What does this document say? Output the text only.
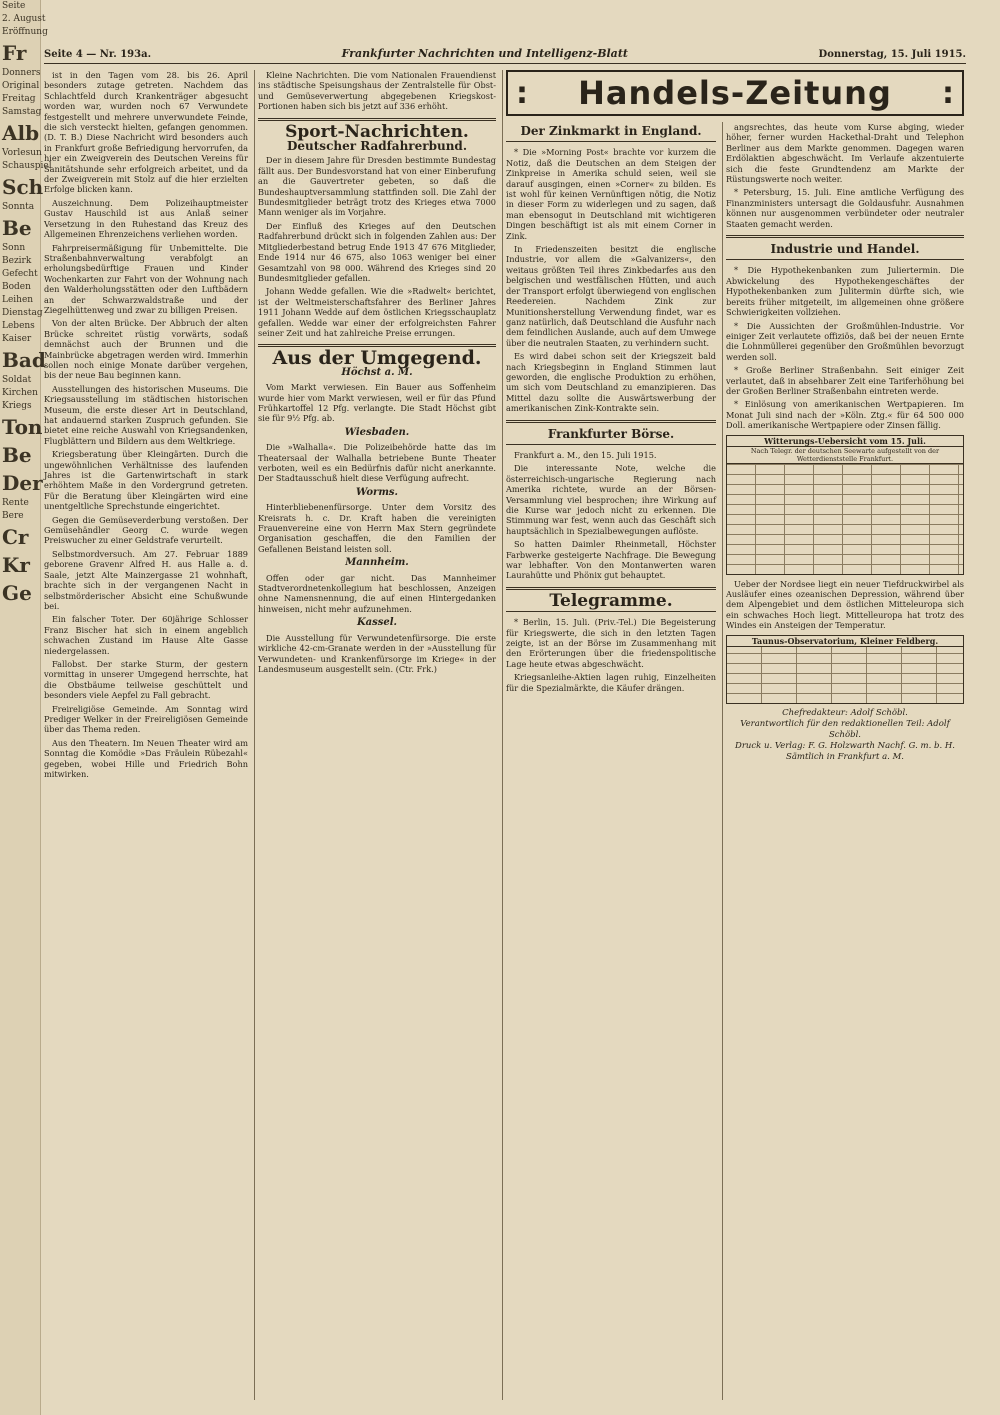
Seite
2. August
Eröffnung
Fr
Donners
Original
Freitag
Samstag
Alb
Vorlesun
Schauspiel
Sch
Sonnta
Be
Sonn
Bezirk
Gefecht
Boden
Leihen
Dienstag
Lebens
Kaiser
Bad
Soldat
Kirchen
Kriegs
Ton
Be
Der
Rente
Bere
Cr
Kr
Ge
Seite 4 — Nr. 193a.	Frankfurter Nachrichten und Intelligenz-Blatt	Donnerstag, 15. Juli 1915.

ist in den Tagen vom 28. bis 26. April besonders zutage getreten. Nachdem das Schlachtfeld durch Krankenträger abgesucht worden war, wurden noch 67 Verwundete festgestellt und mehrere unverwundete Feinde, die sich versteckt hielten, gefangen genommen. (D. T. B.) Diese Nachricht wird besonders auch in Frankfurt große Befriedigung hervorrufen, da hier ein Zweigverein des Deutschen Vereins für Sanitätshunde sehr erfolgreich arbeitet, und da der Zweigverein mit Stolz auf die hier erzielten Erfolge blicken kann.

Auszeichnung. Dem Polizeihauptmeister Gustav Hauschild ist aus Anlaß seiner Versetzung in den Ruhestand das Kreuz des Allgemeinen Ehrenzeichens verliehen worden.

Fahrpreisermäßigung für Unbemittelte. Die Straßenbahnverwaltung verabfolgt an erholungsbedürftige Frauen und Kinder Wochenkarten zur Fahrt von der Wohnung nach den Walderholungsstätten oder den Luftbädern an der Schwarzwaldstraße und der Ziegelhüttenweg und zwar zu billigen Preisen.

Von der alten Brücke. Der Abbruch der alten Brücke schreitet rüstig vorwärts, sodaß demnächst auch der Brunnen und die Mainbrücke abgetragen werden wird. Immerhin sollen noch einige Monate darüber vergehen, bis der neue Bau beginnen kann.

Ausstellungen des historischen Museums. Die Kriegsausstellung im städtischen historischen Museum, die erste dieser Art in Deutschland, hat andauernd starken Zuspruch gefunden. Sie bietet eine reiche Auswahl von Kriegsandenken, Flugblättern und Bildern aus dem Weltkriege.

Kriegsberatung über Kleingärten. Durch die ungewöhnlichen Verhältnisse des laufenden Jahres ist die Gartenwirtschaft in stark erhöhtem Maße in den Vordergrund getreten. Für die Beratung über Kleingärten wird eine unentgeltliche Sprechstunde eingerichtet.

Gegen die Gemüseverderbung verstoßen. Der Gemüsehändler Georg C. wurde wegen Preiswucher zu einer Geldstrafe verurteilt.

Selbstmordversuch. Am 27. Februar 1889 geborene Gravenr Alfred H. aus Halle a. d. Saale, jetzt Alte Mainzergasse 21 wohnhaft, brachte sich in der vergangenen Nacht in selbstmörderischer Absicht eine Schußwunde bei.

Ein falscher Toter. Der 60jährige Schlosser Franz Bischer hat sich in einem angeblich schwachen Zustand im Hause Alte Gasse niedergelassen.

Fallobst. Der starke Sturm, der gestern vormittag in unserer Umgegend herrschte, hat die Obstbäume teilweise geschüttelt und besonders viele Aepfel zu Fall gebracht.

Freireligiöse Gemeinde. Am Sonntag wird Prediger Welker in der Freireligiösen Gemeinde über das Thema reden.

Aus den Theatern. Im Neuen Theater wird am Sonntag die Komödie »Das Fräulein Rübezahl« gegeben, wobei Hille und Friedrich Bohn mitwirken.

Kleine Nachrichten. Die vom Nationalen Frauendienst ins städtische Speisungshaus der Zentralstelle für Obst- und Gemüseverwertung abgegebenen Kriegskost-Portionen haben sich bis jetzt auf 336 erhöht.

Sport-Nachrichten.
Deutscher Radfahrerbund.

Der in diesem Jahre für Dresden bestimmte Bundestag fällt aus. Der Bundesvorstand hat von einer Einberufung an die Gauvertreter gebeten, so daß die Bundeshauptversammlung stattfinden soll. Die Zahl der Bundesmitglieder beträgt trotz des Krieges etwa 7000 Mann weniger als im Vorjahre.

Der Einfluß des Krieges auf den Deutschen Radfahrerbund drückt sich in folgenden Zahlen aus: Der Mitgliederbestand betrug Ende 1913 47 676 Mitglieder, Ende 1914 nur 46 675, also 1063 weniger bei einer Gesamtzahl von 98 000. Während des Krieges sind 20 Bundesmitglieder gefallen.

Johann Wedde gefallen. Wie die »Radwelt« berichtet, ist der Weltmeisterschaftsfahrer des Berliner Jahres 1911 Johann Wedde auf dem östlichen Kriegsschauplatz gefallen. Wedde war einer der erfolgreichsten Fahrer seiner Zeit und hat zahlreiche Preise errungen.

Aus der Umgegend.
Höchst a. M.

Vom Markt verwiesen. Ein Bauer aus Soffenheim wurde hier vom Markt verwiesen, weil er für das Pfund Frühkartoffel 12 Pfg. verlangte. Die Stadt Höchst gibt sie für 9½ Pfg. ab.

Wiesbaden.

Die »Walhalla«. Die Polizeibehörde hatte das im Theatersaal der Walhalla betriebene Bunte Theater verboten, weil es ein Bedürfnis dafür nicht anerkannte. Der Stadtausschuß hielt diese Verfügung aufrecht.

Worms.

Hinterbliebenenfürsorge. Unter dem Vorsitz des Kreisrats h. c. Dr. Kraft haben die vereinigten Frauenvereine eine von Herrn Max Stern gegründete Organisation geschaffen, die den Familien der Gefallenen Beistand leisten soll.

Mannheim.

Offen oder gar nicht. Das Mannheimer Stadtverordnetenkollegium hat beschlossen, Anzeigen ohne Namensnennung, die auf einen Hintergedanken hinweisen, nicht mehr aufzunehmen.

Kassel.

Die Ausstellung für Verwundetenfürsorge. Die erste wirkliche 42-cm-Granate werden in der »Ausstellung für Verwundeten- und Krankenfürsorge im Kriege« in der Landesmuseum ausgestellt sein. (Ctr. Frk.)

: Handels-Zeitung :
Der Zinkmarkt in England.

* Die »Morning Post« brachte vor kurzem die Notiz, daß die Deutschen an dem Steigen der Zinkpreise in Amerika schuld seien, weil sie darauf ausgingen, einen »Corner« zu bilden. Es ist wohl für keinen Vernünftigen nötig, die Notiz in dieser Form zu widerlegen und zu sagen, daß man ebensogut in Deutschland mit wichtigeren Dingen beschäftigt ist als mit einem Corner in Zink.

In Friedenszeiten besitzt die englische Industrie, vor allem die »Galvanizers«, den weitaus größten Teil ihres Zinkbedarfes aus den belgischen und westfälischen Hütten, und auch der Transport erfolgt überwiegend von englischen Reedereien. Nachdem Zink zur Munitionsherstellung Verwendung findet, war es ganz natürlich, daß Deutschland die Ausfuhr nach dem feindlichen Auslande, auch auf dem Umwege über die neutralen Staaten, zu verhindern sucht.

Es wird dabei schon seit der Kriegszeit bald nach Kriegsbeginn in England Stimmen laut geworden, die englische Produktion zu erhöhen, um sich vom Deutschland zu emanzipieren. Das Mittel dazu sollte die Auswärtswerbung der amerikanischen Zink-Kontrakte sein.

Frankfurter Börse.

Frankfurt a. M., den 15. Juli 1915.

Die interessante Note, welche die österreichisch-ungarische Regierung nach Amerika richtete, wurde an der Börsen-Versammlung viel besprochen; ihre Wirkung auf die Kurse war jedoch nicht zu erkennen. Die Stimmung war fest, wenn auch das Geschäft sich hauptsächlich in Spezialbewegungen auflöste.

So hatten Daimler Rheinmetall, Höchster Farbwerke gesteigerte Nachfrage. Die Bewegung war lebhafter. Von den Montanwerten waren Laurahütte und Phönix gut behauptet.

Telegramme.

* Berlin, 15. Juli. (Priv.-Tel.) Die Begeisterung für Kriegswerte, die sich in den letzten Tagen zeigte, ist an der Börse im Zusammenhang mit den Erörterungen über die friedenspolitische Lage heute etwas abgeschwächt.

Kriegsanleihe-Aktien lagen ruhig, Einzelheiten für die Spezialmärkte, die Käufer drängen.

angsrechtes, das heute vom Kurse abging, wieder höher, ferner wurden Hackethal-Draht und Telephon Berliner aus dem Markte genommen. Dagegen waren Erdölaktien abgeschwächt. Im Verlaufe akzentuierte sich die feste Grundtendenz am Markte der Rüstungswerte noch weiter.

* Petersburg, 15. Juli. Eine amtliche Verfügung des Finanzministers untersagt die Goldausfuhr. Ausnahmen können nur ausgenommen verbündeter oder neutraler Staaten gemacht werden.

Industrie und Handel.

* Die Hypothekenbanken zum Juliertermin. Die Abwickelung des Hypothekengeschäftes der Hypothekenbanken zum Julitermin dürfte sich, wie bereits früher mitgeteilt, im allgemeinen ohne größere Schwierigkeiten vollziehen.

* Die Aussichten der Großmühlen-Industrie. Vor einiger Zeit verlautete offiziös, daß bei der neuen Ernte die Lohnmüllerei gegenüber den Großmühlen bevorzugt werden soll.

* Große Berliner Straßenbahn. Seit einiger Zeit verlautet, daß in absehbarer Zeit eine Tariferhöhung bei der Großen Berliner Straßenbahn eintreten werde.

* Einlösung von amerikanischen Wertpapieren. Im Monat Juli sind nach der »Köln. Ztg.« für 64 500 000 Doll. amerikanische Wertpapiere oder Zinsen fällig.

Witterungs-Uebersicht vom 15. Juli.
Nach Telegr. der deutschen Seewarte aufgestellt von der Wetterdienststelle Frankfurt.

Ueber der Nordsee liegt ein neuer Tiefdruckwirbel als Ausläufer eines ozeanischen Depression, während über dem Alpengebiet und dem östlichen Mitteleuropa sich ein schwaches Hoch liegt. Mittelleuropa hat trotz des Windes ein Ansteigen der Temperatur.

Taunus-Observatorium, Kleiner Feldberg.
Chefredakteur: Adolf Schöbl.
Verantwortlich für den redaktionellen Teil: Adolf Schöbl.
Druck u. Verlag: F. G. Holzwarth Nachf. G. m. b. H.
Sämtlich in Frankfurt a. M.
